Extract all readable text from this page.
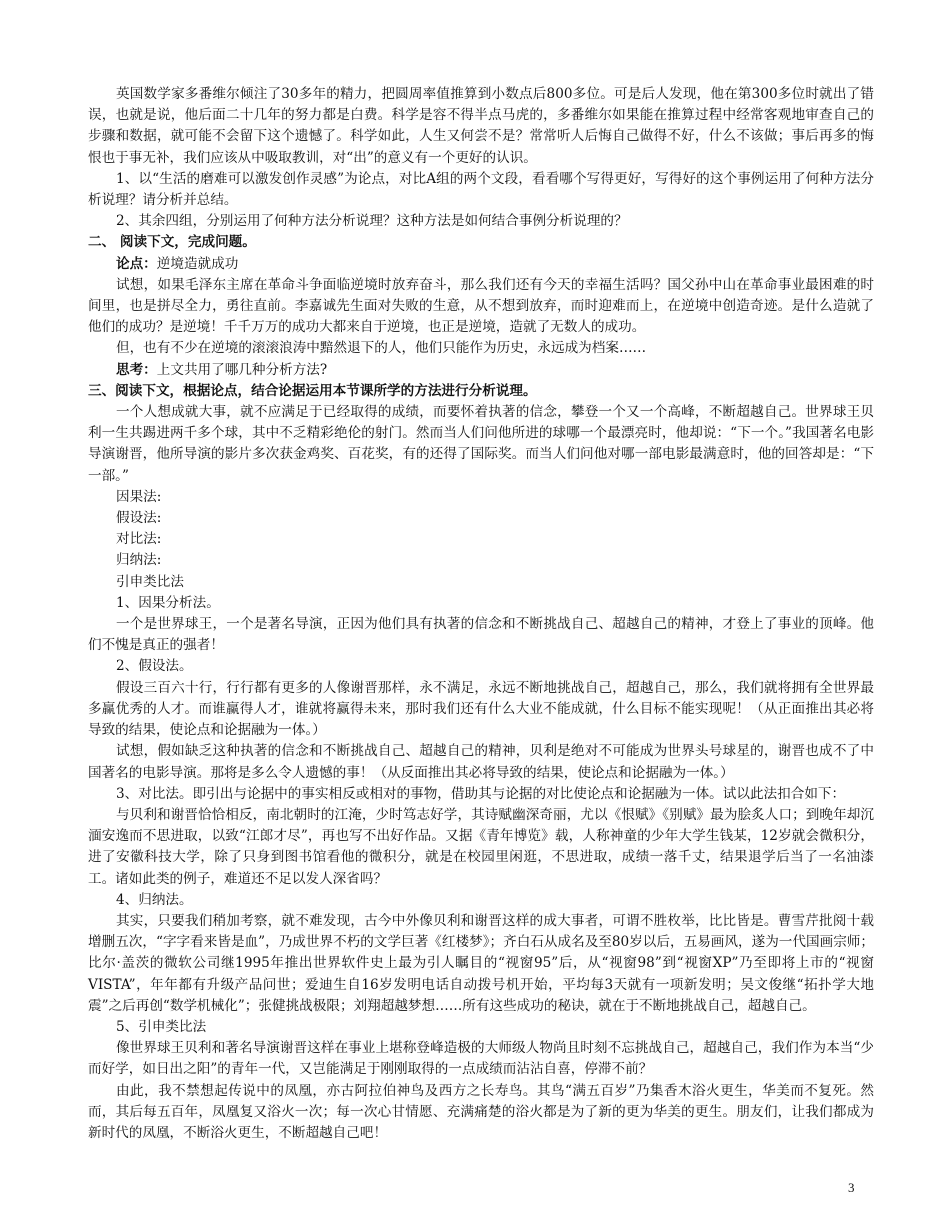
英国数学家多番维尔倾注了30多年的精力，把圆周率值推算到小数点后800多位。可是后人发现，他在第300多位时就出了错误，也就是说，他后面二十几年的努力都是白费。科学是容不得半点马虎的，多番维尔如果能在推算过程中经常客观地审查自己的步骤和数据，就可能不会留下这个遗憾了。科学如此，人生又何尝不是？常常听人后悔自己做得不好，什么不该做；事后再多的悔恨也于事无补，我们应该从中吸取教训，对“出”的意义有一个更好的认识。

1、以“生活的磨难可以激发创作灵感”为论点，对比A组的两个文段，看看哪个写得更好，写得好的这个事例运用了何种方法分析说理？请分析并总结。

2、其余四组，分别运用了何种方法分析说理？这种方法是如何结合事例分析说理的？

二、 阅读下文，完成问题。

论点：逆境造就成功

试想，如果毛泽东主席在革命斗争面临逆境时放弃奋斗，那么我们还有今天的幸福生活吗？国父孙中山在革命事业最困难的时间里，也是拼尽全力，勇往直前。李嘉诚先生面对失败的生意，从不想到放弃，而时迎难而上，在逆境中创造奇迹。是什么造就了他们的成功？是逆境！千千万万的成功大都来自于逆境，也正是逆境，造就了无数人的成功。

但，也有不少在逆境的滚滚浪涛中黯然退下的人，他们只能作为历史，永远成为档案……

思考：上文共用了哪几种分析方法?

三、阅读下文，根据论点，结合论据运用本节课所学的方法进行分析说理。

一个人想成就大事，就不应满足于已经取得的成绩，而要怀着执著的信念，攀登一个又一个高峰，不断超越自己。世界球王贝利一生共踢进两千多个球，其中不乏精彩绝伦的射门。然而当人们问他所进的球哪一个最漂亮时，他却说：“下一个。”我国著名电影导演谢晋，他所导演的影片多次获金鸡奖、百花奖，有的还得了国际奖。而当人们问他对哪一部电影最满意时，他的回答却是：“下一部。”

因果法:

假设法:

对比法:

归纳法:

引申类比法

1、因果分析法。

一个是世界球王，一个是著名导演，正因为他们具有执著的信念和不断挑战自己、超越自己的精神，才登上了事业的顶峰。他们不愧是真正的强者！

2、假设法。

假设三百六十行，行行都有更多的人像谢晋那样，永不满足，永远不断地挑战自己，超越自己，那么，我们就将拥有全世界最多赢优秀的人才。而谁赢得人才，谁就将赢得未来，那时我们还有什么大业不能成就，什么目标不能实现呢！（从正面推出其必将导致的结果，使论点和论据融为一体。）

试想，假如缺乏这种执著的信念和不断挑战自己、超越自己的精神，贝利是绝对不可能成为世界头号球星的，谢晋也成不了中国著名的电影导演。那将是多么令人遗憾的事！（从反面推出其必将导致的结果，使论点和论据融为一体。）

3、对比法。即引出与论据中的事实相反或相对的事物，借助其与论据的对比使论点和论据融为一体。试以此法扣合如下：

与贝利和谢晋恰恰相反，南北朝时的江淹，少时笃志好学，其诗赋幽深奇丽，尤以《恨赋》《别赋》最为脍炙人口；到晚年却沉湎安逸而不思进取，以致“江郎才尽”，再也写不出好作品。又据《青年博览》载，人称神童的少年大学生钱某，12岁就会微积分，进了安徽科技大学，除了只身到图书馆看他的微积分，就是在校园里闲逛，不思进取，成绩一落千丈，结果退学后当了一名油漆工。诸如此类的例子，难道还不足以发人深省吗？

4、归纳法。

其实，只要我们稍加考察，就不难发现，古今中外像贝利和谢晋这样的成大事者，可谓不胜枚举，比比皆是。曹雪芹批阅十载增删五次，“字字看来皆是血”，乃成世界不朽的文学巨著《红楼梦》；齐白石从成名及至80岁以后，五易画风，遂为一代国画宗师；比尔·盖茨的微软公司继1995年推出世界软件史上最为引人瞩目的“视窗95”后，从“视窗98”到“视窗XP”乃至即将上市的“视窗VISTA”，年年都有升级产品问世；爱迪生自16岁发明电话自动拨号机开始，平均每3天就有一项新发明；吴文俊继“拓扑学大地震”之后再创“数学机械化”；张健挑战极限；刘翔超越梦想……所有这些成功的秘诀，就在于不断地挑战自己，超越自己。

5、引申类比法

像世界球王贝利和著名导演谢晋这样在事业上堪称登峰造极的大师级人物尚且时刻不忘挑战自己，超越自己，我们作为本当“少而好学，如日出之阳”的青年一代，又岂能满足于刚刚取得的一点成绩而沾沾自喜，停滞不前？

由此，我不禁想起传说中的凤凰，亦古阿拉伯神鸟及西方之长寿鸟。其鸟“满五百岁”乃集香木浴火更生，华美而不复死。然而，其后每五百年，凤凰复又浴火一次；每一次心甘情愿、充满痛楚的浴火都是为了新的更为华美的更生。朋友们，让我们都成为新时代的凤凰，不断浴火更生，不断超越自己吧！

3
